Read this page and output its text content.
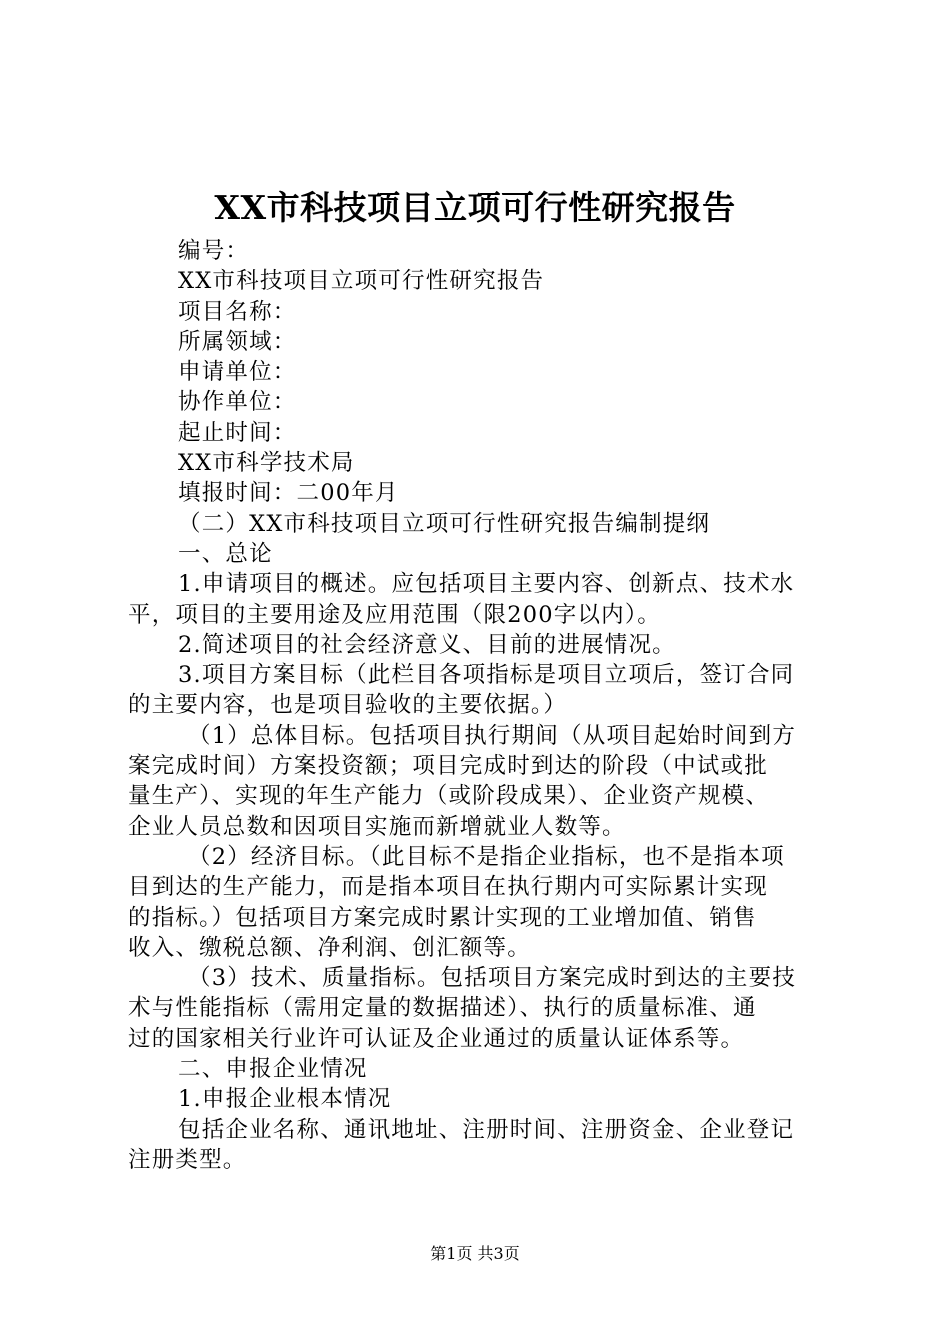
XX市科技项目立项可行性研究报告
编号：
XX市科技项目立项可行性研究报告
项目名称：
所属领域：
申请单位：
协作单位：
起止时间：
XX市科学技术局
填报时间：二00年月
（二）XX市科技项目立项可行性研究报告编制提纲
一、总论
1.申请项目的概述。应包括项目主要内容、创新点、技术水
平，项目的主要用途及应用范围（限200字以内）。
2.简述项目的社会经济意义、目前的进展情况。
3.项目方案目标（此栏目各项指标是项目立项后，签订合同
的主要内容，也是项目验收的主要依据。）
（1）总体目标。包括项目执行期间（从项目起始时间到方
案完成时间）方案投资额；项目完成时到达的阶段（中试或批
量生产）、实现的年生产能力（或阶段成果）、企业资产规模、
企业人员总数和因项目实施而新增就业人数等。
（2）经济目标。（此目标不是指企业指标，也不是指本项
目到达的生产能力，而是指本项目在执行期内可实际累计实现
的指标。）包括项目方案完成时累计实现的工业增加值、销售
收入、缴税总额、净利润、创汇额等。
（3）技术、质量指标。包括项目方案完成时到达的主要技
术与性能指标（需用定量的数据描述）、执行的质量标准、通
过的国家相关行业许可认证及企业通过的质量认证体系等。
二、申报企业情况
1.申报企业根本情况
包括企业名称、通讯地址、注册时间、注册资金、企业登记
注册类型。
第1页 共3页
